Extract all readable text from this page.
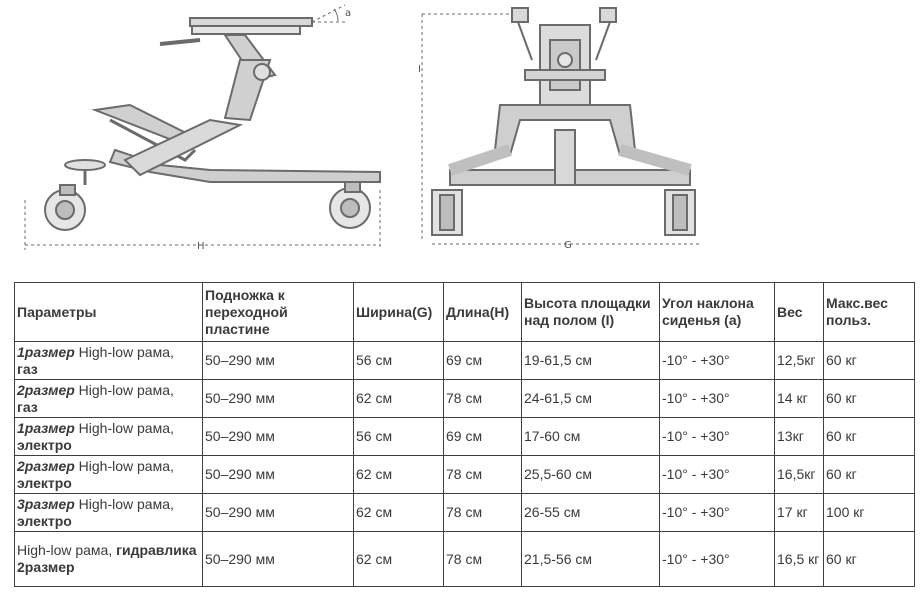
a
H
I
G
Параметры	Подножка к переходной пластине	Ширина(G)	Длина(H)	Высота площадки над полом (I)	Угол наклона сиденья (а)	Вес	Макс.вес польз.
1размер High-low рама,
газ	50–290 мм	56 см	69 см	19-61,5 см	-10° - +30°	12,5кг	60 кг
2размер High-low рама,
газ	50–290 мм	62 см	78 см	24-61,5 см	-10° - +30°	14 кг	60 кг
1размер High-low рама,
электро	50–290 мм	56 см	69 см	17-60 см	-10° - +30°	13кг	60 кг
2размер High-low рама,
электро	50–290 мм	62 см	78 см	25,5-60 см	-10° - +30°	16,5кг	60 кг
3размер High-low рама, электро	50–290 мм	62 см	78 см	26-55 см	-10° - +30°	17 кг	100 кг
High-low рама, гидравлика
2размер	50–290 мм	62 см	78 см	21,5-56 см	-10° - +30°	16,5 кг	60 кг
